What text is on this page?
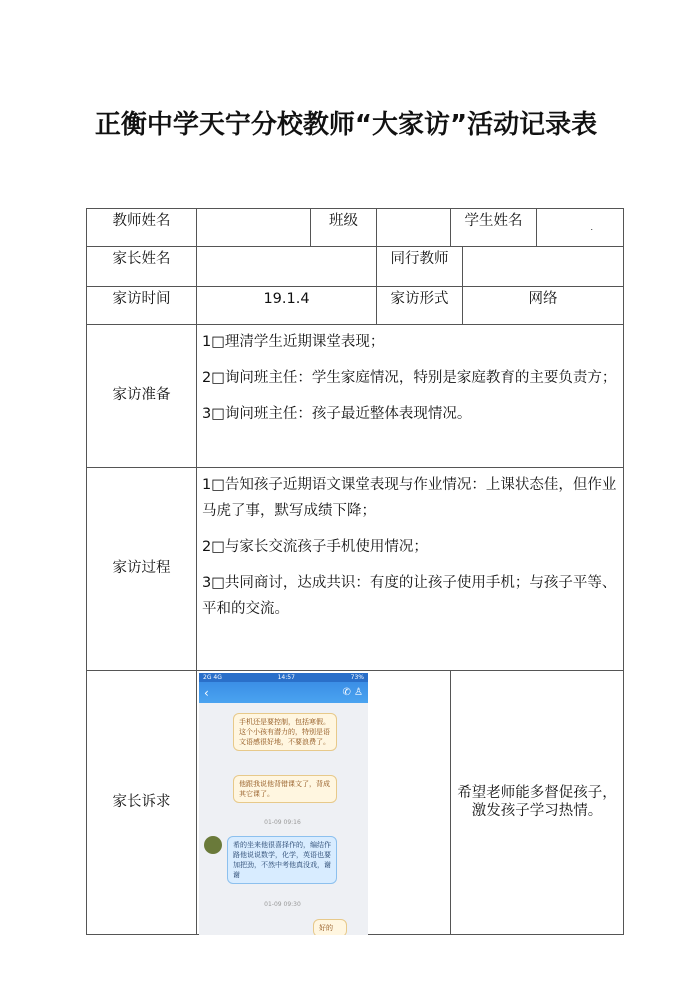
正衡中学天宁分校教师“大家访”活动记录表
教师姓名		班级		学生姓名		.

家长姓名			同行教师			
家访时间	19.1.4		家访形式		网络	
家访准备	1□理清学生近期课堂表现；

2□询问班主任：学生家庭情况，特别是家庭教育的主要负责方；

3□询问班主任：孩子最近整体表现情况。					

家访过程	1□告知孩子近期语文课堂表现与作业情况：上课状态佳，但作业马虎了事，默写成绩下降；

2□与家长交流孩子手机使用情况；

3□共同商讨，达成共识：有度的让孩子使用手机；与孩子平等、平和的交流。					

家长诉求				希望老师能多督促孩子，激发孩子学习热情。		
2G 4G	14:57	73%
‹	✆ ♙
手机还是要控制，包括寒假。这个小孩有潜力的，特别是语文语感很好地，不要浪费了。
他跟我说他背错课文了，背成其它课了。
01-09 09:16
希的坐来他很喜择作的，编结作路他说说数学，化学，英语也要加把劲，不然中考他真没戏，谢谢
01-09 09:30
好的
